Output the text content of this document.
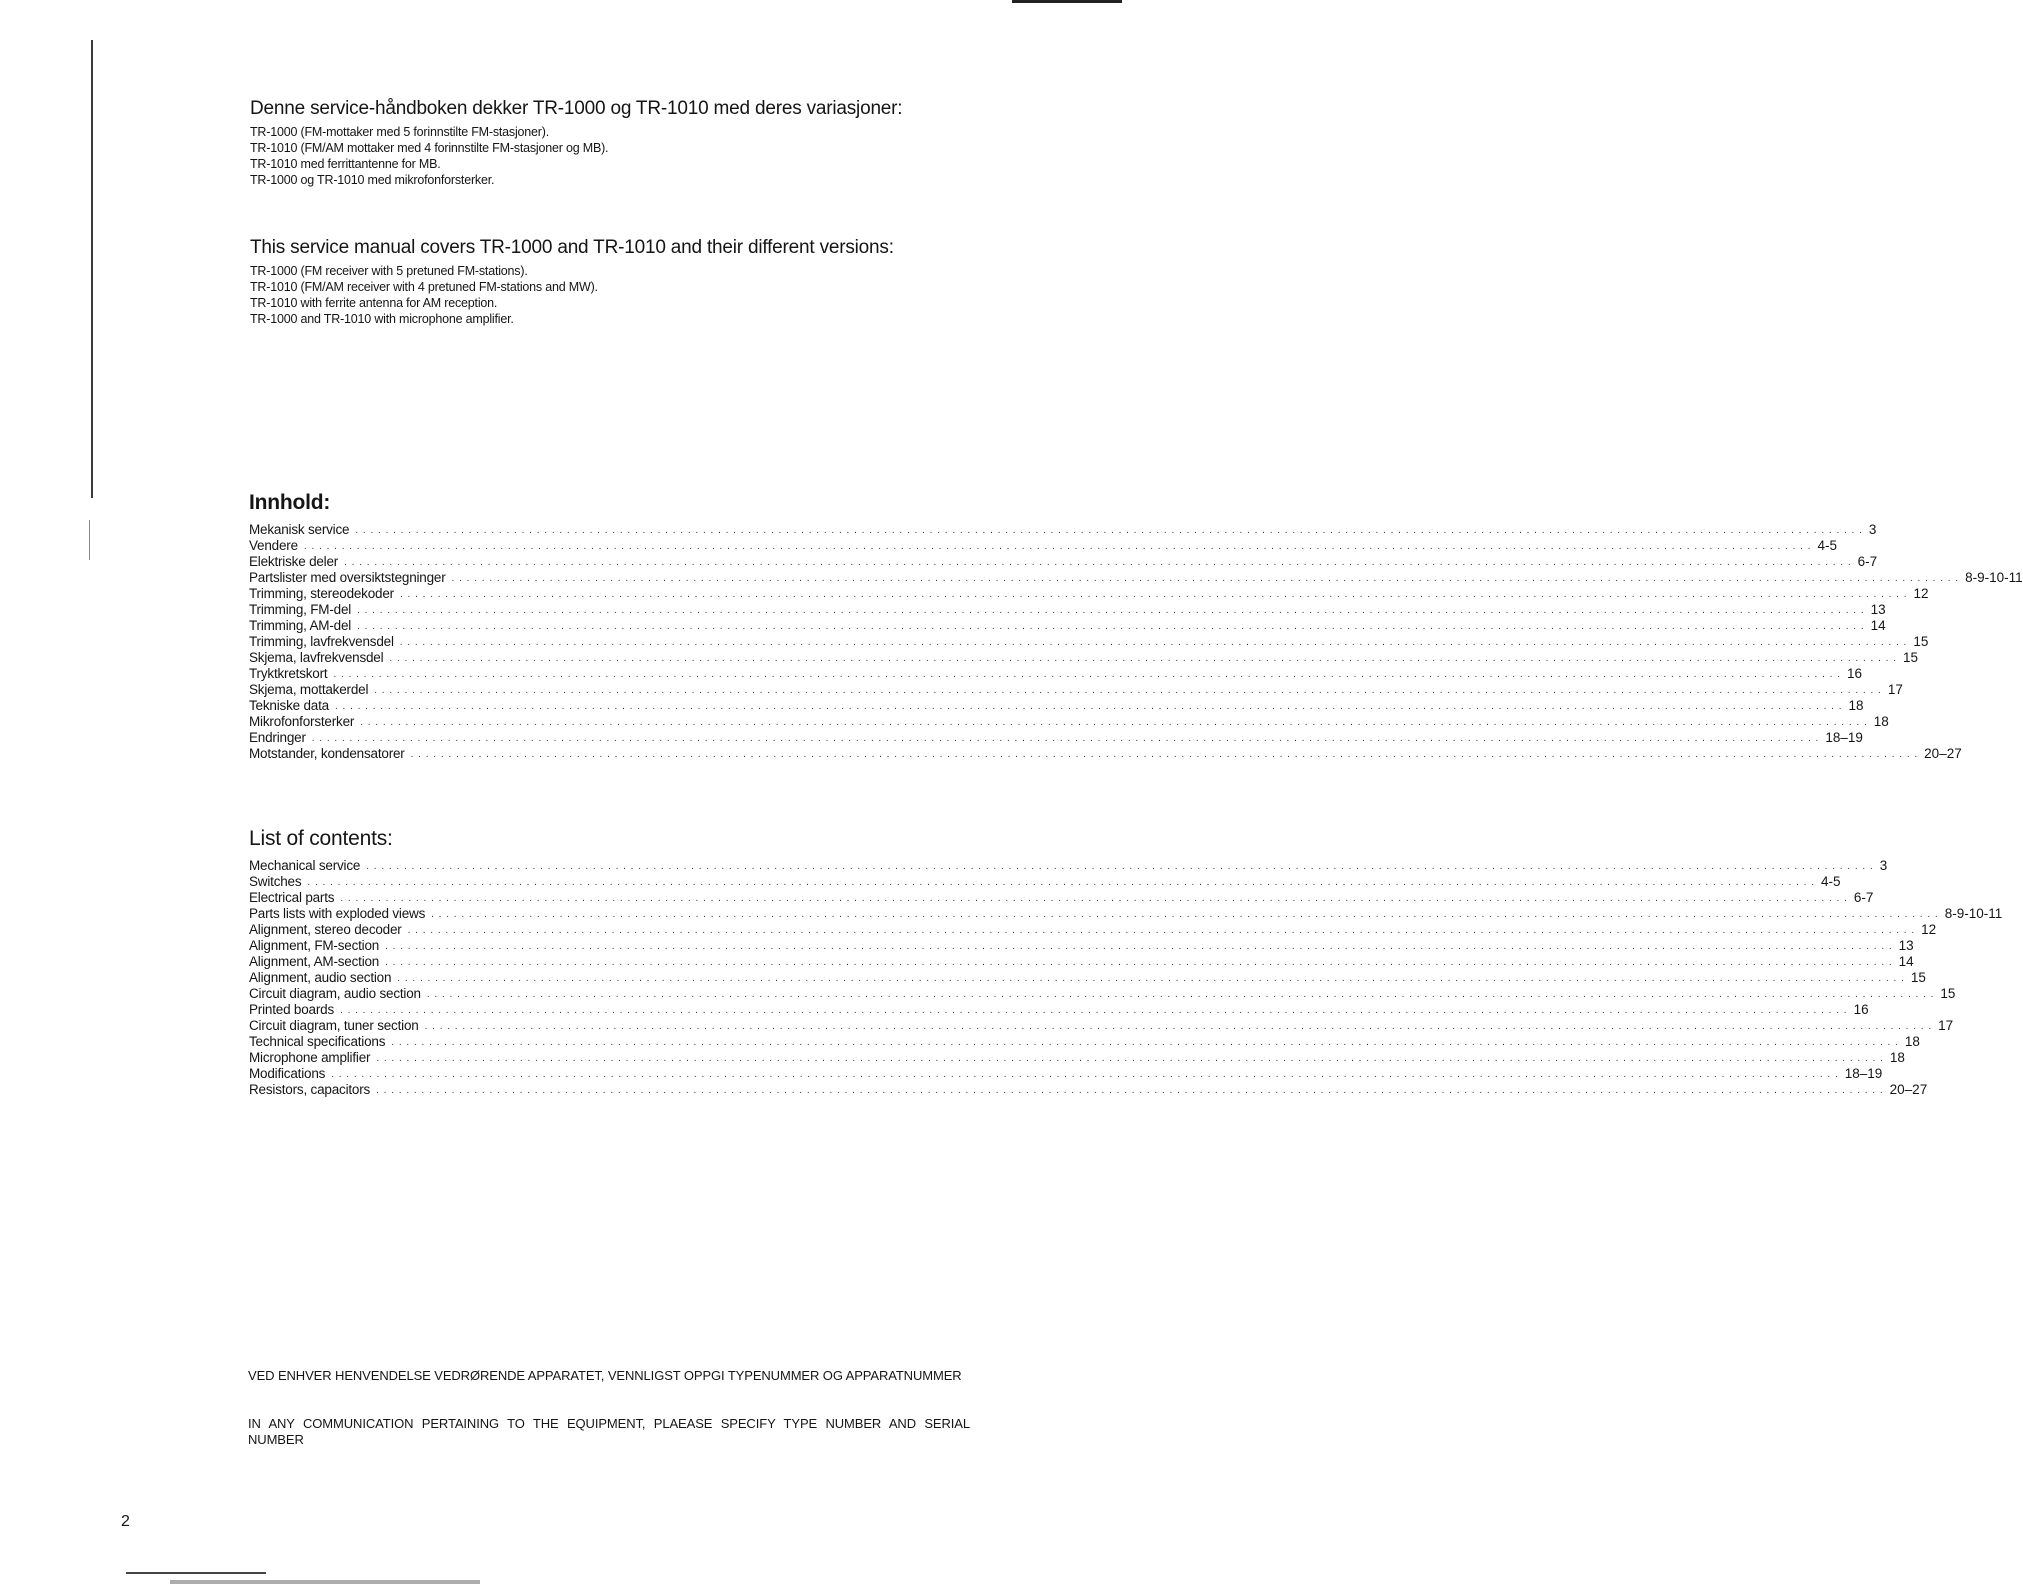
Denne service-håndboken dekker TR-1000 og TR-1010 med deres variasjoner:

TR-1000 (FM-mottaker med 5 forinnstilte FM-stasjoner).

TR-1010 (FM/AM mottaker med 4 forinnstilte FM-stasjoner og MB).

TR-1010 med ferrittantenne for MB.

TR-1000 og TR-1010 med mikrofonforsterker.

This service manual covers TR-1000 and TR-1010 and their different versions:

TR-1000 (FM receiver with 5 pretuned FM-stations).

TR-1010 (FM/AM receiver with 4 pretuned FM-stations and MW).

TR-1010 with ferrite antenna for AM reception.

TR-1000 and TR-1010 with microphone amplifier.

Innhold:
Mekanisk service . . . . . . . . . . . . . . . . . . . . . . . . . . . . . . . . . . . . . . . . . . . . . . . . . . . . . . . . . . . . . . . . . . . . . . . . . . . . . . . . . . . . . . . . . . . . . . . . . . . . . . . . . . . . . . . . . . . . . . . . . . . . . . . . . . . . . . . . . . . . . . . . . . . . . . . . . . . . . . . . . . . . . . . . . . . . . . . . . . . . . . . . . . . . . . . . . . . . . . . . 3
Vendere . . . . . . . . . . . . . . . . . . . . . . . . . . . . . . . . . . . . . . . . . . . . . . . . . . . . . . . . . . . . . . . . . . . . . . . . . . . . . . . . . . . . . . . . . . . . . . . . . . . . . . . . . . . . . . . . . . . . . . . . . . . . . . . . . . . . . . . . . . . . . . . . . . . . . . . . . . . . . . . . . . . . . . . . . . . . . . . . . . . . . . . . . . . . . . . . . . . . . . . . 4-5
Elektriske deler . . . . . . . . . . . . . . . . . . . . . . . . . . . . . . . . . . . . . . . . . . . . . . . . . . . . . . . . . . . . . . . . . . . . . . . . . . . . . . . . . . . . . . . . . . . . . . . . . . . . . . . . . . . . . . . . . . . . . . . . . . . . . . . . . . . . . . . . . . . . . . . . . . . . . . . . . . . . . . . . . . . . . . . . . . . . . . . . . . . . . . . . . . . . . . . . . . . . . . . . 6-7
Partslister med oversiktstegninger . . . . . . . . . . . . . . . . . . . . . . . . . . . . . . . . . . . . . . . . . . . . . . . . . . . . . . . . . . . . . . . . . . . . . . . . . . . . . . . . . . . . . . . . . . . . . . . . . . . . . . . . . . . . . . . . . . . . . . . . . . . . . . . . . . . . . . . . . . . . . . . . . . . . . . . . . . . . . . . . . . . . . . . . . . . . . . . . . . . . . . . . . . . . . . . . . . . . . . . . 8-9-10-11
Trimming, stereodekoder . . . . . . . . . . . . . . . . . . . . . . . . . . . . . . . . . . . . . . . . . . . . . . . . . . . . . . . . . . . . . . . . . . . . . . . . . . . . . . . . . . . . . . . . . . . . . . . . . . . . . . . . . . . . . . . . . . . . . . . . . . . . . . . . . . . . . . . . . . . . . . . . . . . . . . . . . . . . . . . . . . . . . . . . . . . . . . . . . . . . . . . . . . . . . . . . . . . . . . . . 12
Trimming, FM-del . . . . . . . . . . . . . . . . . . . . . . . . . . . . . . . . . . . . . . . . . . . . . . . . . . . . . . . . . . . . . . . . . . . . . . . . . . . . . . . . . . . . . . . . . . . . . . . . . . . . . . . . . . . . . . . . . . . . . . . . . . . . . . . . . . . . . . . . . . . . . . . . . . . . . . . . . . . . . . . . . . . . . . . . . . . . . . . . . . . . . . . . . . . . . . . . . . . . . . . . 13
Trimming, AM-del . . . . . . . . . . . . . . . . . . . . . . . . . . . . . . . . . . . . . . . . . . . . . . . . . . . . . . . . . . . . . . . . . . . . . . . . . . . . . . . . . . . . . . . . . . . . . . . . . . . . . . . . . . . . . . . . . . . . . . . . . . . . . . . . . . . . . . . . . . . . . . . . . . . . . . . . . . . . . . . . . . . . . . . . . . . . . . . . . . . . . . . . . . . . . . . . . . . . . . . . 14
Trimming, lavfrekvensdel . . . . . . . . . . . . . . . . . . . . . . . . . . . . . . . . . . . . . . . . . . . . . . . . . . . . . . . . . . . . . . . . . . . . . . . . . . . . . . . . . . . . . . . . . . . . . . . . . . . . . . . . . . . . . . . . . . . . . . . . . . . . . . . . . . . . . . . . . . . . . . . . . . . . . . . . . . . . . . . . . . . . . . . . . . . . . . . . . . . . . . . . . . . . . . . . . . . . . . . . 15
Skjema, lavfrekvensdel . . . . . . . . . . . . . . . . . . . . . . . . . . . . . . . . . . . . . . . . . . . . . . . . . . . . . . . . . . . . . . . . . . . . . . . . . . . . . . . . . . . . . . . . . . . . . . . . . . . . . . . . . . . . . . . . . . . . . . . . . . . . . . . . . . . . . . . . . . . . . . . . . . . . . . . . . . . . . . . . . . . . . . . . . . . . . . . . . . . . . . . . . . . . . . . . . . . . . . . . 15
Tryktkretskort . . . . . . . . . . . . . . . . . . . . . . . . . . . . . . . . . . . . . . . . . . . . . . . . . . . . . . . . . . . . . . . . . . . . . . . . . . . . . . . . . . . . . . . . . . . . . . . . . . . . . . . . . . . . . . . . . . . . . . . . . . . . . . . . . . . . . . . . . . . . . . . . . . . . . . . . . . . . . . . . . . . . . . . . . . . . . . . . . . . . . . . . . . . . . . . . . . . . . . . . 16
Skjema, mottakerdel . . . . . . . . . . . . . . . . . . . . . . . . . . . . . . . . . . . . . . . . . . . . . . . . . . . . . . . . . . . . . . . . . . . . . . . . . . . . . . . . . . . . . . . . . . . . . . . . . . . . . . . . . . . . . . . . . . . . . . . . . . . . . . . . . . . . . . . . . . . . . . . . . . . . . . . . . . . . . . . . . . . . . . . . . . . . . . . . . . . . . . . . . . . . . . . . . . . . . . . . 17
Tekniske data . . . . . . . . . . . . . . . . . . . . . . . . . . . . . . . . . . . . . . . . . . . . . . . . . . . . . . . . . . . . . . . . . . . . . . . . . . . . . . . . . . . . . . . . . . . . . . . . . . . . . . . . . . . . . . . . . . . . . . . . . . . . . . . . . . . . . . . . . . . . . . . . . . . . . . . . . . . . . . . . . . . . . . . . . . . . . . . . . . . . . . . . . . . . . . . . . . . . . . . . 18
Mikrofonforsterker . . . . . . . . . . . . . . . . . . . . . . . . . . . . . . . . . . . . . . . . . . . . . . . . . . . . . . . . . . . . . . . . . . . . . . . . . . . . . . . . . . . . . . . . . . . . . . . . . . . . . . . . . . . . . . . . . . . . . . . . . . . . . . . . . . . . . . . . . . . . . . . . . . . . . . . . . . . . . . . . . . . . . . . . . . . . . . . . . . . . . . . . . . . . . . . . . . . . . . . . 18
Endringer . . . . . . . . . . . . . . . . . . . . . . . . . . . . . . . . . . . . . . . . . . . . . . . . . . . . . . . . . . . . . . . . . . . . . . . . . . . . . . . . . . . . . . . . . . . . . . . . . . . . . . . . . . . . . . . . . . . . . . . . . . . . . . . . . . . . . . . . . . . . . . . . . . . . . . . . . . . . . . . . . . . . . . . . . . . . . . . . . . . . . . . . . . . . . . . . . . . . . . . . 18–19
Motstander, kondensatorer . . . . . . . . . . . . . . . . . . . . . . . . . . . . . . . . . . . . . . . . . . . . . . . . . . . . . . . . . . . . . . . . . . . . . . . . . . . . . . . . . . . . . . . . . . . . . . . . . . . . . . . . . . . . . . . . . . . . . . . . . . . . . . . . . . . . . . . . . . . . . . . . . . . . . . . . . . . . . . . . . . . . . . . . . . . . . . . . . . . . . . . . . . . . . . . . . . . . . . . . 20–27
List of contents:
Mechanical service . . . . . . . . . . . . . . . . . . . . . . . . . . . . . . . . . . . . . . . . . . . . . . . . . . . . . . . . . . . . . . . . . . . . . . . . . . . . . . . . . . . . . . . . . . . . . . . . . . . . . . . . . . . . . . . . . . . . . . . . . . . . . . . . . . . . . . . . . . . . . . . . . . . . . . . . . . . . . . . . . . . . . . . . . . . . . . . . . . . . . . . . . . . . . . . . . . . . . . . . 3
Switches . . . . . . . . . . . . . . . . . . . . . . . . . . . . . . . . . . . . . . . . . . . . . . . . . . . . . . . . . . . . . . . . . . . . . . . . . . . . . . . . . . . . . . . . . . . . . . . . . . . . . . . . . . . . . . . . . . . . . . . . . . . . . . . . . . . . . . . . . . . . . . . . . . . . . . . . . . . . . . . . . . . . . . . . . . . . . . . . . . . . . . . . . . . . . . . . . . . . . . . . 4-5
Electrical parts . . . . . . . . . . . . . . . . . . . . . . . . . . . . . . . . . . . . . . . . . . . . . . . . . . . . . . . . . . . . . . . . . . . . . . . . . . . . . . . . . . . . . . . . . . . . . . . . . . . . . . . . . . . . . . . . . . . . . . . . . . . . . . . . . . . . . . . . . . . . . . . . . . . . . . . . . . . . . . . . . . . . . . . . . . . . . . . . . . . . . . . . . . . . . . . . . . . . . . . . 6-7
Parts lists with exploded views . . . . . . . . . . . . . . . . . . . . . . . . . . . . . . . . . . . . . . . . . . . . . . . . . . . . . . . . . . . . . . . . . . . . . . . . . . . . . . . . . . . . . . . . . . . . . . . . . . . . . . . . . . . . . . . . . . . . . . . . . . . . . . . . . . . . . . . . . . . . . . . . . . . . . . . . . . . . . . . . . . . . . . . . . . . . . . . . . . . . . . . . . . . . . . . . . . . . . . . . 8-9-10-11
Alignment, stereo decoder . . . . . . . . . . . . . . . . . . . . . . . . . . . . . . . . . . . . . . . . . . . . . . . . . . . . . . . . . . . . . . . . . . . . . . . . . . . . . . . . . . . . . . . . . . . . . . . . . . . . . . . . . . . . . . . . . . . . . . . . . . . . . . . . . . . . . . . . . . . . . . . . . . . . . . . . . . . . . . . . . . . . . . . . . . . . . . . . . . . . . . . . . . . . . . . . . . . . . . . . 12
Alignment, FM-section . . . . . . . . . . . . . . . . . . . . . . . . . . . . . . . . . . . . . . . . . . . . . . . . . . . . . . . . . . . . . . . . . . . . . . . . . . . . . . . . . . . . . . . . . . . . . . . . . . . . . . . . . . . . . . . . . . . . . . . . . . . . . . . . . . . . . . . . . . . . . . . . . . . . . . . . . . . . . . . . . . . . . . . . . . . . . . . . . . . . . . . . . . . . . . . . . . . . . . . . 13
Alignment, AM-section . . . . . . . . . . . . . . . . . . . . . . . . . . . . . . . . . . . . . . . . . . . . . . . . . . . . . . . . . . . . . . . . . . . . . . . . . . . . . . . . . . . . . . . . . . . . . . . . . . . . . . . . . . . . . . . . . . . . . . . . . . . . . . . . . . . . . . . . . . . . . . . . . . . . . . . . . . . . . . . . . . . . . . . . . . . . . . . . . . . . . . . . . . . . . . . . . . . . . . . . 14
Alignment, audio section . . . . . . . . . . . . . . . . . . . . . . . . . . . . . . . . . . . . . . . . . . . . . . . . . . . . . . . . . . . . . . . . . . . . . . . . . . . . . . . . . . . . . . . . . . . . . . . . . . . . . . . . . . . . . . . . . . . . . . . . . . . . . . . . . . . . . . . . . . . . . . . . . . . . . . . . . . . . . . . . . . . . . . . . . . . . . . . . . . . . . . . . . . . . . . . . . . . . . . . . 15
Circuit diagram, audio section . . . . . . . . . . . . . . . . . . . . . . . . . . . . . . . . . . . . . . . . . . . . . . . . . . . . . . . . . . . . . . . . . . . . . . . . . . . . . . . . . . . . . . . . . . . . . . . . . . . . . . . . . . . . . . . . . . . . . . . . . . . . . . . . . . . . . . . . . . . . . . . . . . . . . . . . . . . . . . . . . . . . . . . . . . . . . . . . . . . . . . . . . . . . . . . . . . . . . . . . 15
Printed boards . . . . . . . . . . . . . . . . . . . . . . . . . . . . . . . . . . . . . . . . . . . . . . . . . . . . . . . . . . . . . . . . . . . . . . . . . . . . . . . . . . . . . . . . . . . . . . . . . . . . . . . . . . . . . . . . . . . . . . . . . . . . . . . . . . . . . . . . . . . . . . . . . . . . . . . . . . . . . . . . . . . . . . . . . . . . . . . . . . . . . . . . . . . . . . . . . . . . . . . . 16
Circuit diagram, tuner section . . . . . . . . . . . . . . . . . . . . . . . . . . . . . . . . . . . . . . . . . . . . . . . . . . . . . . . . . . . . . . . . . . . . . . . . . . . . . . . . . . . . . . . . . . . . . . . . . . . . . . . . . . . . . . . . . . . . . . . . . . . . . . . . . . . . . . . . . . . . . . . . . . . . . . . . . . . . . . . . . . . . . . . . . . . . . . . . . . . . . . . . . . . . . . . . . . . . . . . . 17
Technical specifications . . . . . . . . . . . . . . . . . . . . . . . . . . . . . . . . . . . . . . . . . . . . . . . . . . . . . . . . . . . . . . . . . . . . . . . . . . . . . . . . . . . . . . . . . . . . . . . . . . . . . . . . . . . . . . . . . . . . . . . . . . . . . . . . . . . . . . . . . . . . . . . . . . . . . . . . . . . . . . . . . . . . . . . . . . . . . . . . . . . . . . . . . . . . . . . . . . . . . . . . 18
Microphone amplifier . . . . . . . . . . . . . . . . . . . . . . . . . . . . . . . . . . . . . . . . . . . . . . . . . . . . . . . . . . . . . . . . . . . . . . . . . . . . . . . . . . . . . . . . . . . . . . . . . . . . . . . . . . . . . . . . . . . . . . . . . . . . . . . . . . . . . . . . . . . . . . . . . . . . . . . . . . . . . . . . . . . . . . . . . . . . . . . . . . . . . . . . . . . . . . . . . . . . . . . . 18
Modifications . . . . . . . . . . . . . . . . . . . . . . . . . . . . . . . . . . . . . . . . . . . . . . . . . . . . . . . . . . . . . . . . . . . . . . . . . . . . . . . . . . . . . . . . . . . . . . . . . . . . . . . . . . . . . . . . . . . . . . . . . . . . . . . . . . . . . . . . . . . . . . . . . . . . . . . . . . . . . . . . . . . . . . . . . . . . . . . . . . . . . . . . . . . . . . . . . . . . . . . . 18–19
Resistors, capacitors . . . . . . . . . . . . . . . . . . . . . . . . . . . . . . . . . . . . . . . . . . . . . . . . . . . . . . . . . . . . . . . . . . . . . . . . . . . . . . . . . . . . . . . . . . . . . . . . . . . . . . . . . . . . . . . . . . . . . . . . . . . . . . . . . . . . . . . . . . . . . . . . . . . . . . . . . . . . . . . . . . . . . . . . . . . . . . . . . . . . . . . . . . . . . . . . . . . . . . . . 20–27

VED ENHVER HENVENDELSE VEDRØRENDE APPARATET, VENNLIGST OPPGI TYPENUMMER OG APPARATNUMMER

IN ANY COMMUNICATION PERTAINING TO THE EQUIPMENT, PLAEASE SPECIFY TYPE NUMBER AND SERIAL NUMBER

2
